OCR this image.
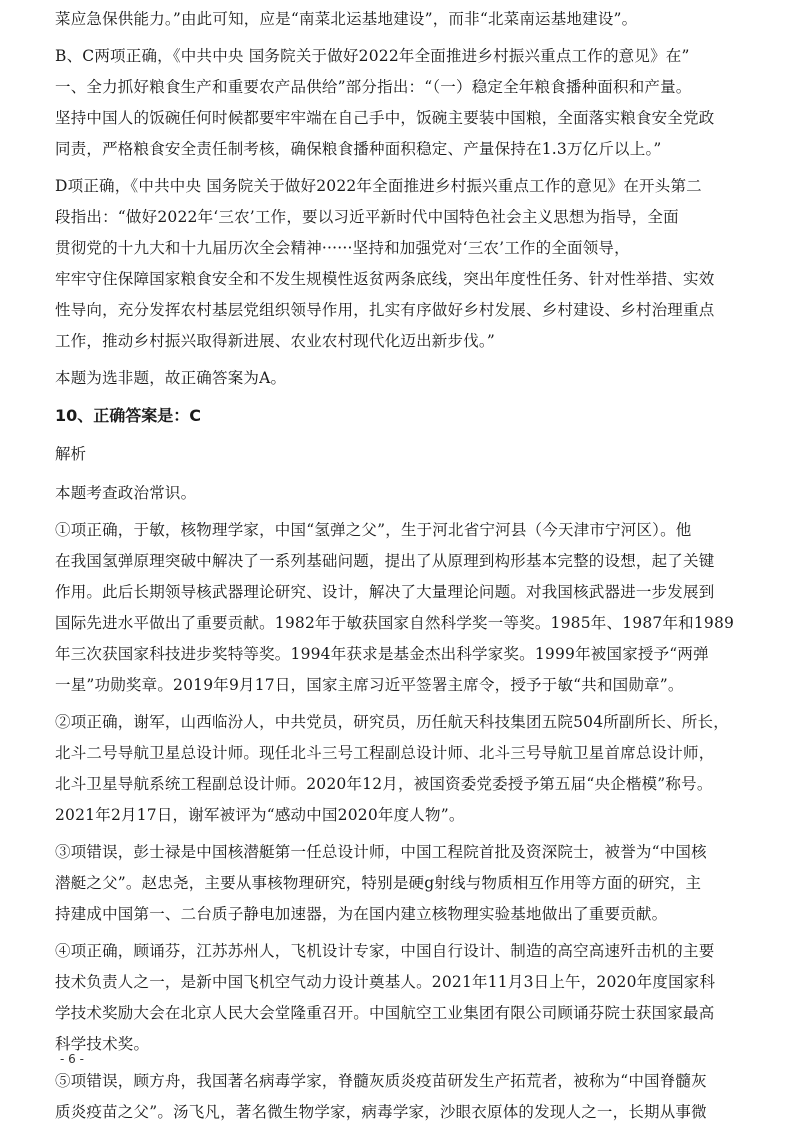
菜应急保供能力。”由此可知，应是“南菜北运基地建设”，而非“北菜南运基地建设”。

B、C两项正确，《中共中央 国务院关于做好2022年全面推进乡村振兴重点工作的意见》在”
一、全力抓好粮食生产和重要农产品供给”部分指出：“（一）稳定全年粮食播种面积和产量。
坚持中国人的饭碗任何时候都要牢牢端在自己手中，饭碗主要装中国粮，全面落实粮食安全党政
同责，严格粮食安全责任制考核，确保粮食播种面积稳定、产量保持在1.3万亿斤以上。”

D项正确，《中共中央 国务院关于做好2022年全面推进乡村振兴重点工作的意见》在开头第二
段指出：“做好2022年‘三农’工作，要以习近平新时代中国特色社会主义思想为指导，全面
贯彻党的十九大和十九届历次全会精神······坚持和加强党对‘三农’工作的全面领导，
牢牢守住保障国家粮食安全和不发生规模性返贫两条底线，突出年度性任务、针对性举措、实效
性导向，充分发挥农村基层党组织领导作用，扎实有序做好乡村发展、乡村建设、乡村治理重点
工作，推动乡村振兴取得新进展、农业农村现代化迈出新步伐。”

本题为选非题，故正确答案为A。

10、正确答案是：C
解析

本题考查政治常识。

①项正确，于敏，核物理学家，中国“氢弹之父”，生于河北省宁河县（今天津市宁河区）。他
在我国氢弹原理突破中解决了一系列基础问题，提出了从原理到构形基本完整的设想，起了关键
作用。此后长期领导核武器理论研究、设计，解决了大量理论问题。对我国核武器进一步发展到
国际先进水平做出了重要贡献。1982年于敏获国家自然科学奖一等奖。1985年、1987年和1989
年三次获国家科技进步奖特等奖。1994年获求是基金杰出科学家奖。1999年被国家授予“两弹
一星”功勋奖章。2019年9月17日，国家主席习近平签署主席令，授予于敏“共和国勋章”。

②项正确，谢军，山西临汾人，中共党员，研究员，历任航天科技集团五院504所副所长、所长，
北斗二号导航卫星总设计师。现任北斗三号工程副总设计师、北斗三号导航卫星首席总设计师，
北斗卫星导航系统工程副总设计师。2020年12月，被国资委党委授予第五届“央企楷模”称号。
2021年2月17日，谢军被评为“感动中国2020年度人物”。

③项错误，彭士禄是中国核潜艇第一任总设计师，中国工程院首批及资深院士，被誉为“中国核
潜艇之父”。赵忠尧，主要从事核物理研究，特别是硬g射线与物质相互作用等方面的研究，主
持建成中国第一、二台质子静电加速器，为在国内建立核物理实验基地做出了重要贡献。

④项正确，顾诵芬，江苏苏州人，飞机设计专家，中国自行设计、制造的高空高速歼击机的主要
技术负责人之一，是新中国飞机空气动力设计奠基人。2021年11月3日上午，2020年度国家科
学技术奖励大会在北京人民大会堂隆重召开。中国航空工业集团有限公司顾诵芬院士获国家最高
科学技术奖。

⑤项错误，顾方舟，我国著名病毒学家，脊髓灰质炎疫苗研发生产拓荒者，被称为“中国脊髓灰
质炎疫苗之父”。汤飞凡，著名微生物学家，病毒学家，沙眼衣原体的发现人之一，长期从事微

- 6 -
